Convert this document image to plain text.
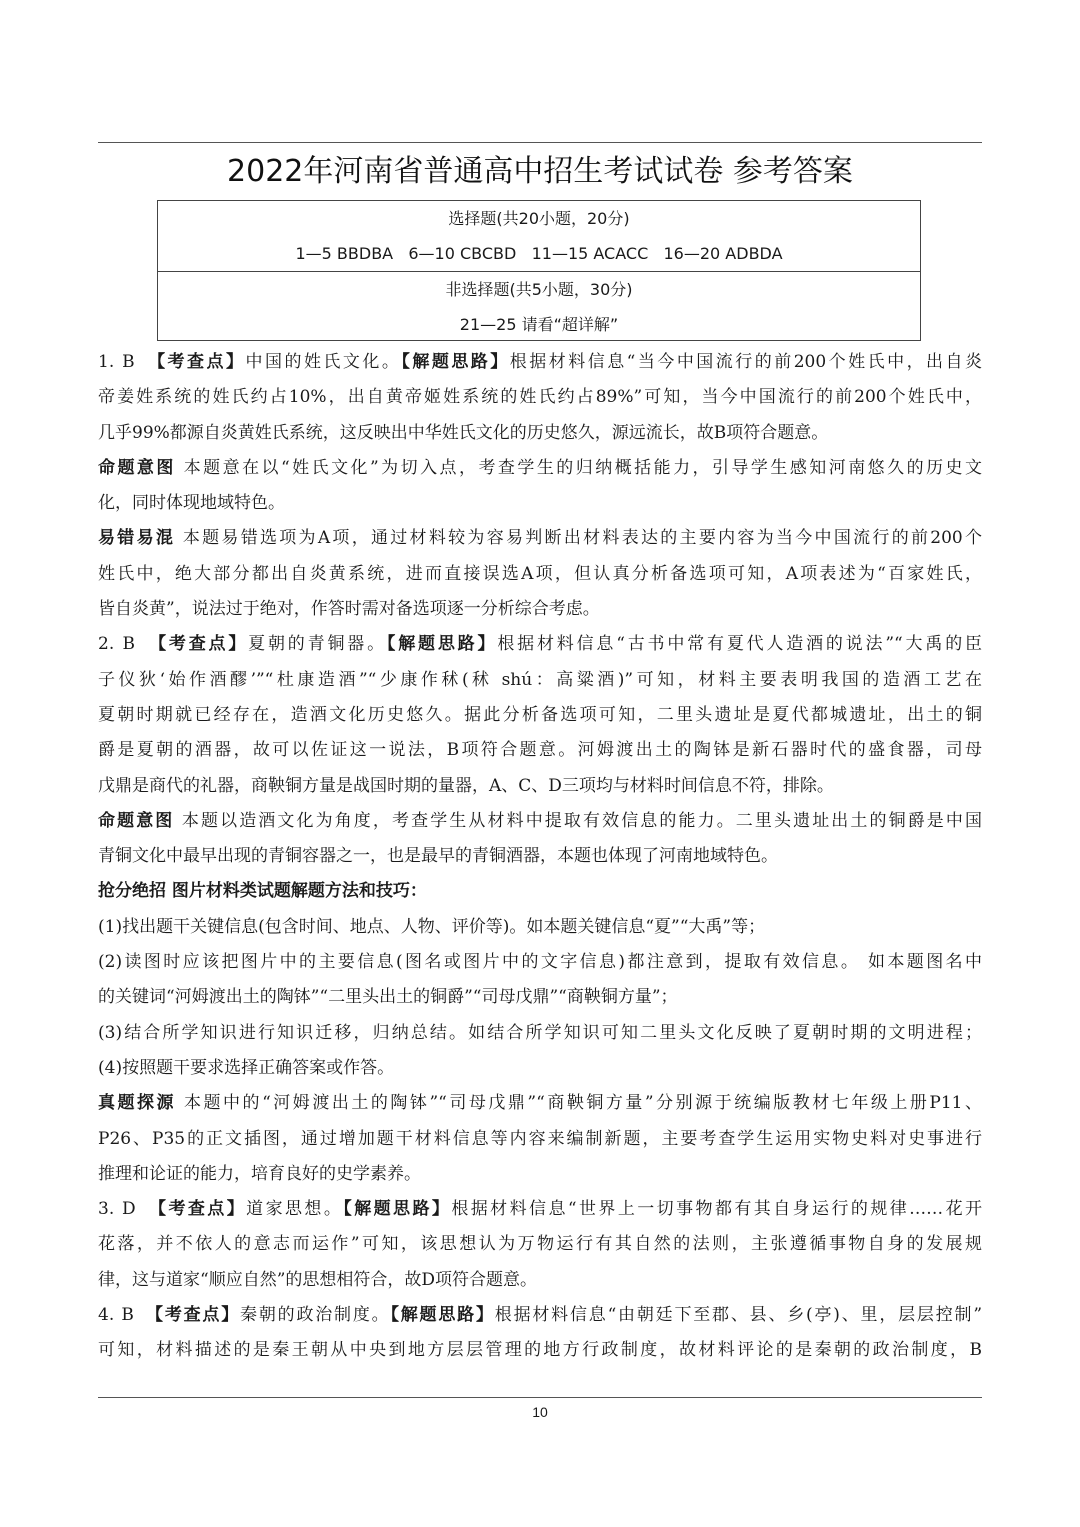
2022年河南省普通高中招生考试试卷 参考答案
选择题(共20小题，20分)
1—5 BBDBA   6—10 CBCBD   11—15 ACACC   16—20 ADBDA
非选择题(共5小题，30分)
21—25 请看“超详解”
1. B　【考查点】中国的姓氏文化。【解题思路】根据材料信息“当今中国流行的前200个姓氏中，出自炎
帝姜姓系统的姓氏约占10%，出自黄帝姬姓系统的姓氏约占89%”可知，当今中国流行的前200个姓氏中，
几乎99%都源自炎黄姓氏系统，这反映出中华姓氏文化的历史悠久，源远流长，故B项符合题意。
命题意图 本题意在以“姓氏文化”为切入点，考查学生的归纳概括能力，引导学生感知河南悠久的历史文
化，同时体现地域特色。
易错易混 本题易错选项为A项，通过材料较为容易判断出材料表达的主要内容为当今中国流行的前200个
姓氏中，绝大部分都出自炎黄系统，进而直接误选A项，但认真分析备选项可知，A项表述为“百家姓氏，
皆自炎黄”，说法过于绝对，作答时需对备选项逐一分析综合考虑。
2. B　【考查点】夏朝的青铜器。【解题思路】根据材料信息“古书中常有夏代人造酒的说法”“大禹的臣
子仪狄‘始作酒醪’”“杜康造酒”“少康作秫(秫 shú：高粱酒)”可知，材料主要表明我国的造酒工艺在
夏朝时期就已经存在，造酒文化历史悠久。据此分析备选项可知，二里头遗址是夏代都城遗址，出土的铜
爵是夏朝的酒器，故可以佐证这一说法，B项符合题意。河姆渡出土的陶钵是新石器时代的盛食器，司母
戊鼎是商代的礼器，商鞅铜方量是战国时期的量器，A、C、D三项均与材料时间信息不符，排除。
命题意图 本题以造酒文化为角度，考查学生从材料中提取有效信息的能力。二里头遗址出土的铜爵是中国
青铜文化中最早出现的青铜容器之一，也是最早的青铜酒器，本题也体现了河南地域特色。
抢分绝招 图片材料类试题解题方法和技巧：
(1)找出题干关键信息(包含时间、地点、人物、评价等)。如本题关键信息“夏”“大禹”等；
(2)读图时应该把图片中的主要信息(图名或图片中的文字信息)都注意到，提取有效信息。 如本题图名中
的关键词“河姆渡出土的陶钵”“二里头出土的铜爵”“司母戊鼎”“商鞅铜方量”；
(3)结合所学知识进行知识迁移，归纳总结。如结合所学知识可知二里头文化反映了夏朝时期的文明进程；
(4)按照题干要求选择正确答案或作答。
真题探源 本题中的“河姆渡出土的陶钵”“司母戊鼎”“商鞅铜方量”分别源于统编版教材七年级上册P11、
P26、P35的正文插图，通过增加题干材料信息等内容来编制新题，主要考查学生运用实物史料对史事进行
推理和论证的能力，培育良好的史学素养。
3. D　【考查点】道家思想。【解题思路】根据材料信息“世界上一切事物都有其自身运行的规律……花开
花落，并不依人的意志而运作”可知，该思想认为万物运行有其自然的法则，主张遵循事物自身的发展规
律，这与道家“顺应自然”的思想相符合，故D项符合题意。
4. B　【考查点】秦朝的政治制度。【解题思路】根据材料信息“由朝廷下至郡、县、乡(亭)、里，层层控制”
可知，材料描述的是秦王朝从中央到地方层层管理的地方行政制度，故材料评论的是秦朝的政治制度，B
10
